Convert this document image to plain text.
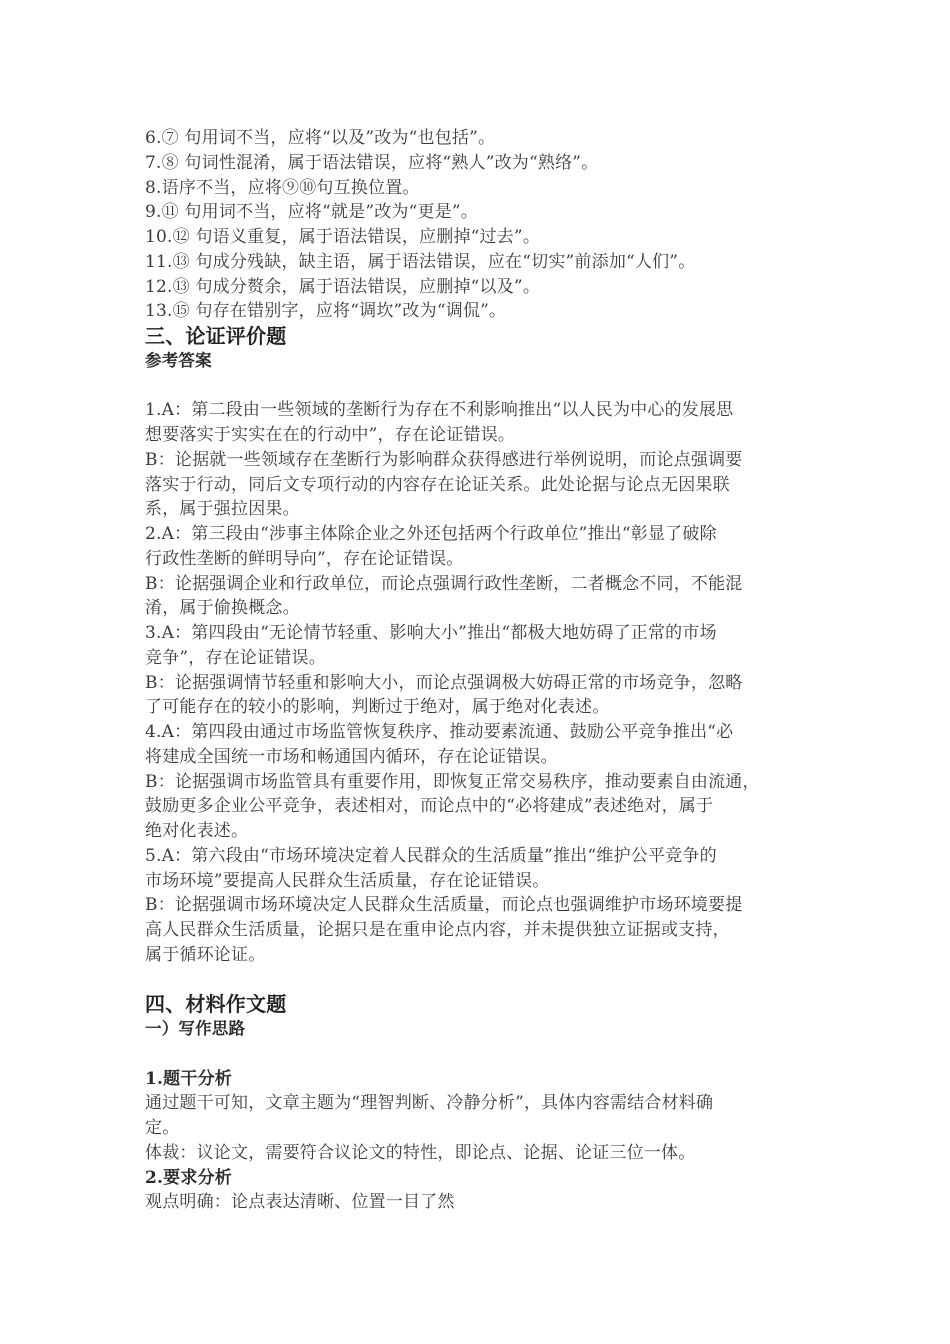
6.⑦ 句用词不当，应将“以及”改为“也包括”。
7.⑧ 句词性混淆，属于语法错误，应将“熟人”改为“熟络”。
8.语序不当，应将⑨⑩句互换位置。
9.⑪ 句用词不当，应将“就是”改为“更是”。
10.⑫ 句语义重复，属于语法错误，应删掉“过去”。
11.⑬ 句成分残缺，缺主语，属于语法错误，应在“切实”前添加“人们”。
12.⑬ 句成分赘余，属于语法错误，应删掉“以及”。
13.⑮ 句存在错别字，应将“调坎”改为“调侃”。
三、论证评价题
参考答案
1.A：第二段由一些领域的垄断行为存在不利影响推出“以人民为中心的发展思
想要落实于实实在在的行动中”，存在论证错误。
B：论据就一些领域存在垄断行为影响群众获得感进行举例说明，而论点强调要
落实于行动，同后文专项行动的内容存在论证关系。此处论据与论点无因果联
系，属于强拉因果。
2.A：第三段由“涉事主体除企业之外还包括两个行政单位”推出“彰显了破除
行政性垄断的鲜明导向”，存在论证错误。
B：论据强调企业和行政单位，而论点强调行政性垄断，二者概念不同，不能混
淆，属于偷换概念。
3.A：第四段由“无论情节轻重、影响大小”推出“都极大地妨碍了正常的市场
竞争”，存在论证错误。
B：论据强调情节轻重和影响大小，而论点强调极大妨碍正常的市场竞争，忽略
了可能存在的较小的影响，判断过于绝对，属于绝对化表述。
4.A：第四段由通过市场监管恢复秩序、推动要素流通、鼓励公平竞争推出“必
将建成全国统一市场和畅通国内循环，存在论证错误。
B：论据强调市场监管具有重要作用，即恢复正常交易秩序，推动要素自由流通，
鼓励更多企业公平竞争，表述相对，而论点中的“必将建成”表述绝对，属于
绝对化表述。
5.A：第六段由“市场环境决定着人民群众的生活质量”推出“维护公平竞争的
市场环境”要提高人民群众生活质量，存在论证错误。
B：论据强调市场环境决定人民群众生活质量，而论点也强调维护市场环境要提
高人民群众生活质量，论据只是在重申论点内容，并未提供独立证据或支持，
属于循环论证。
四、材料作文题
一）写作思路
1.题干分析
通过题干可知，文章主题为“理智判断、冷静分析”，具体内容需结合材料确
定。
体裁：议论文，需要符合议论文的特性，即论点、论据、论证三位一体。
2.要求分析
观点明确：论点表达清晰、位置一目了然
